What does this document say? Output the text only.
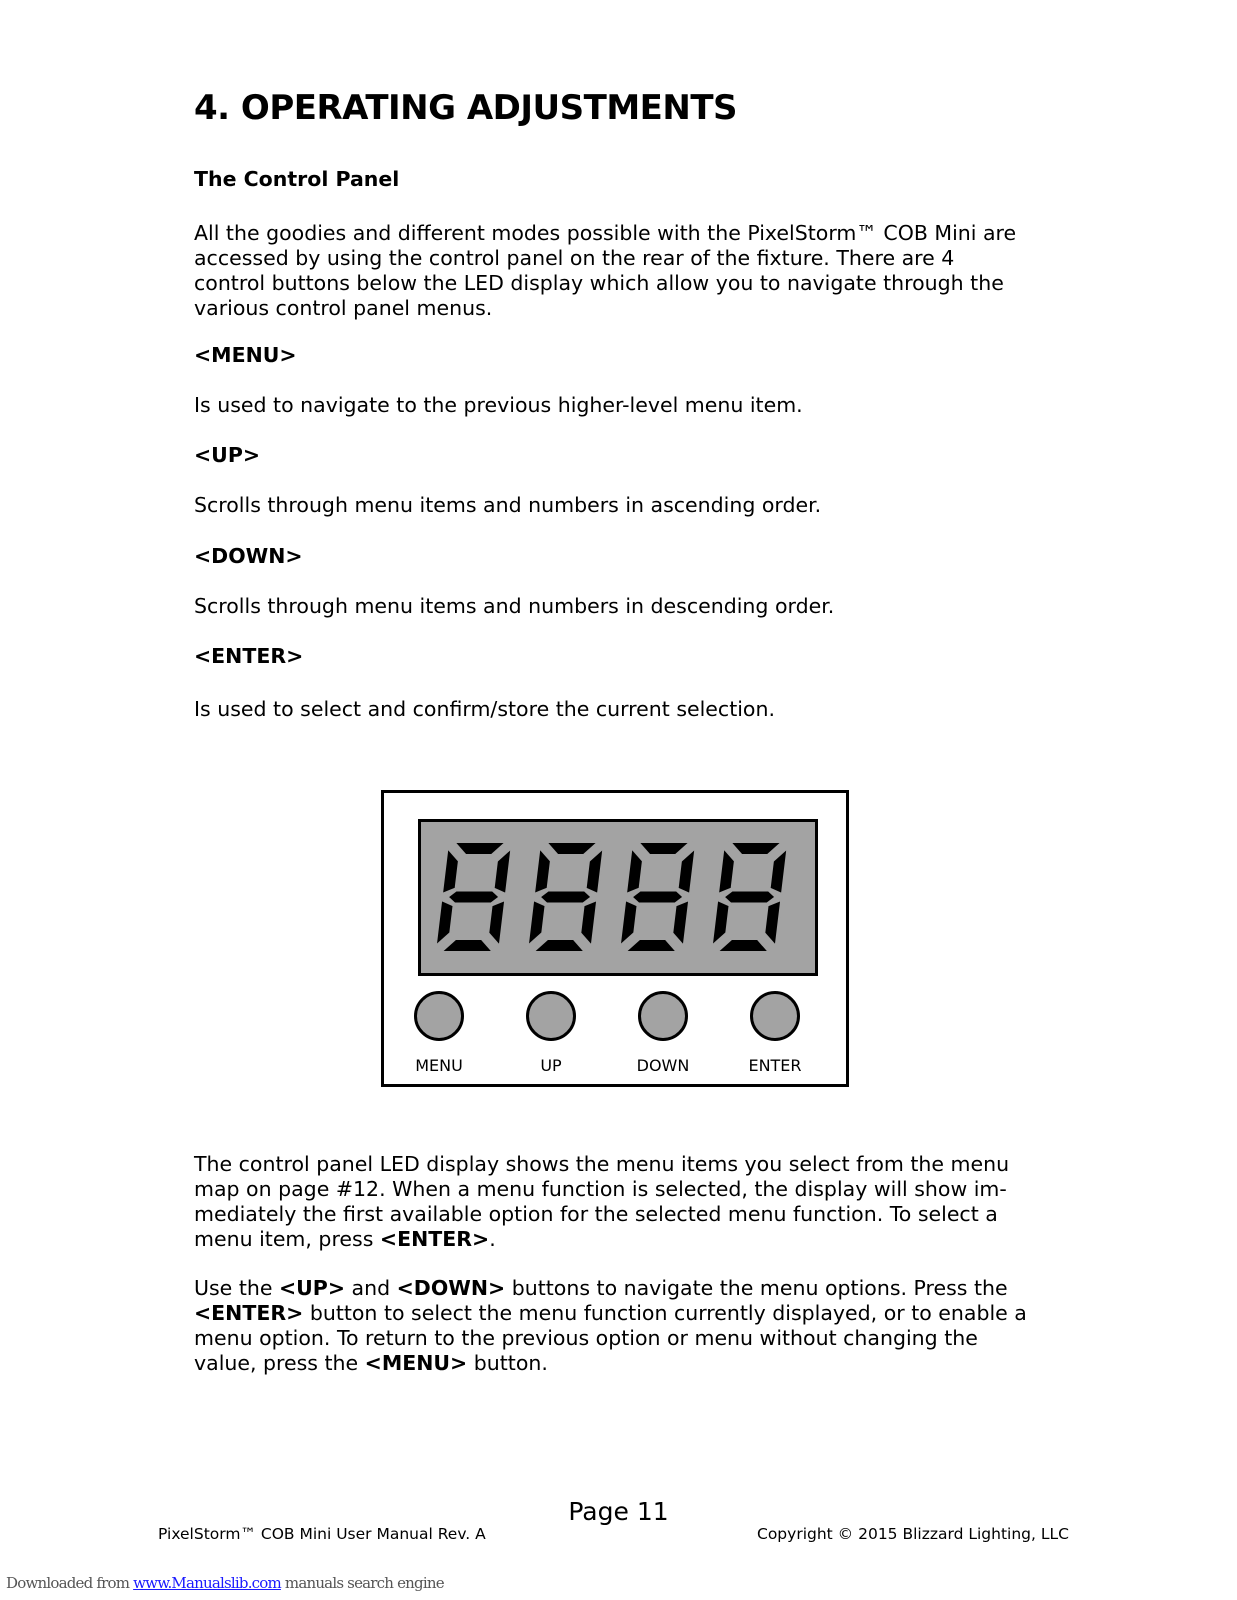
4. OPERATING ADJUSTMENTS

The Control Panel

All the goodies and different modes possible with the PixelStorm™ COB Mini are accessed by using the control panel on the rear of the fixture. There are 4 control buttons below the LED display which allow you to navigate through the various control panel menus.

<MENU>

Is used to navigate to the previous higher-level menu item.

<UP>

Scrolls through menu items and numbers in ascending order.

<DOWN>

Scrolls through menu items and numbers in descending order.

<ENTER>

Is used to select and confirm/store the current selection.

MENU	UP	DOWN	ENTER

The control panel LED display shows the menu items you select from the menu map on page #12. When a menu function is selected, the display will show im-mediately the first available option for the selected menu function. To select a menu item, press <ENTER>.

Use the <UP> and <DOWN> buttons to navigate the menu options. Press the <ENTER> button to select the menu function currently displayed, or to enable a menu option. To return to the previous option or menu without changing the value, press the <MENU> button.

Page 11
PixelStorm™ COB Mini User Manual Rev. A	Copyright © 2015 Blizzard Lighting, LLC
Downloaded from www.Manualslib.com manuals search engine
